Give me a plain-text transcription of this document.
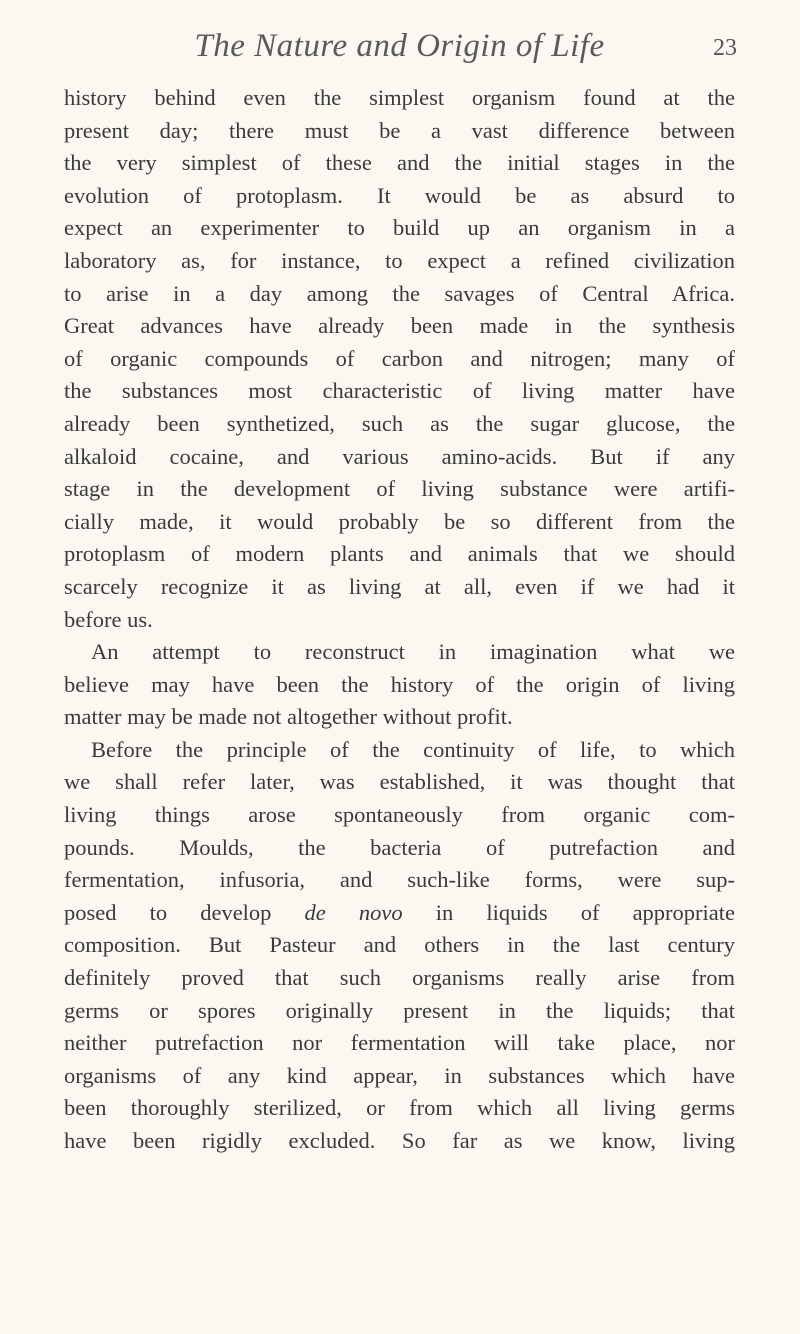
The Nature and Origin of Life	23
history behind even the simplest organism found at the
present day; there must be a vast difference between
the very simplest of these and the initial stages in the
evolution of protoplasm. It would be as absurd to
expect an experimenter to build up an organism in a
laboratory as, for instance, to expect a refined civilization
to arise in a day among the savages of Central Africa.
Great advances have already been made in the synthesis
of organic compounds of carbon and nitrogen; many of
the substances most characteristic of living matter have
already been synthetized, such as the sugar glucose, the
alkaloid cocaine, and various amino-acids. But if any
stage in the development of living substance were artifi-
cially made, it would probably be so different from the
protoplasm of modern plants and animals that we should
scarcely recognize it as living at all, even if we had it
before us.
An attempt to reconstruct in imagination what we
believe may have been the history of the origin of living
matter may be made not altogether without profit.
Before the principle of the continuity of life, to which
we shall refer later, was established, it was thought that
living things arose spontaneously from organic com-
pounds. Moulds, the bacteria of putrefaction and
fermentation, infusoria, and such-like forms, were sup-
posed to develop de novo in liquids of appropriate
composition. But Pasteur and others in the last century
definitely proved that such organisms really arise from
germs or spores originally present in the liquids; that
neither putrefaction nor fermentation will take place, nor
organisms of any kind appear, in substances which have
been thoroughly sterilized, or from which all living germs
have been rigidly excluded. So far as we know, living
